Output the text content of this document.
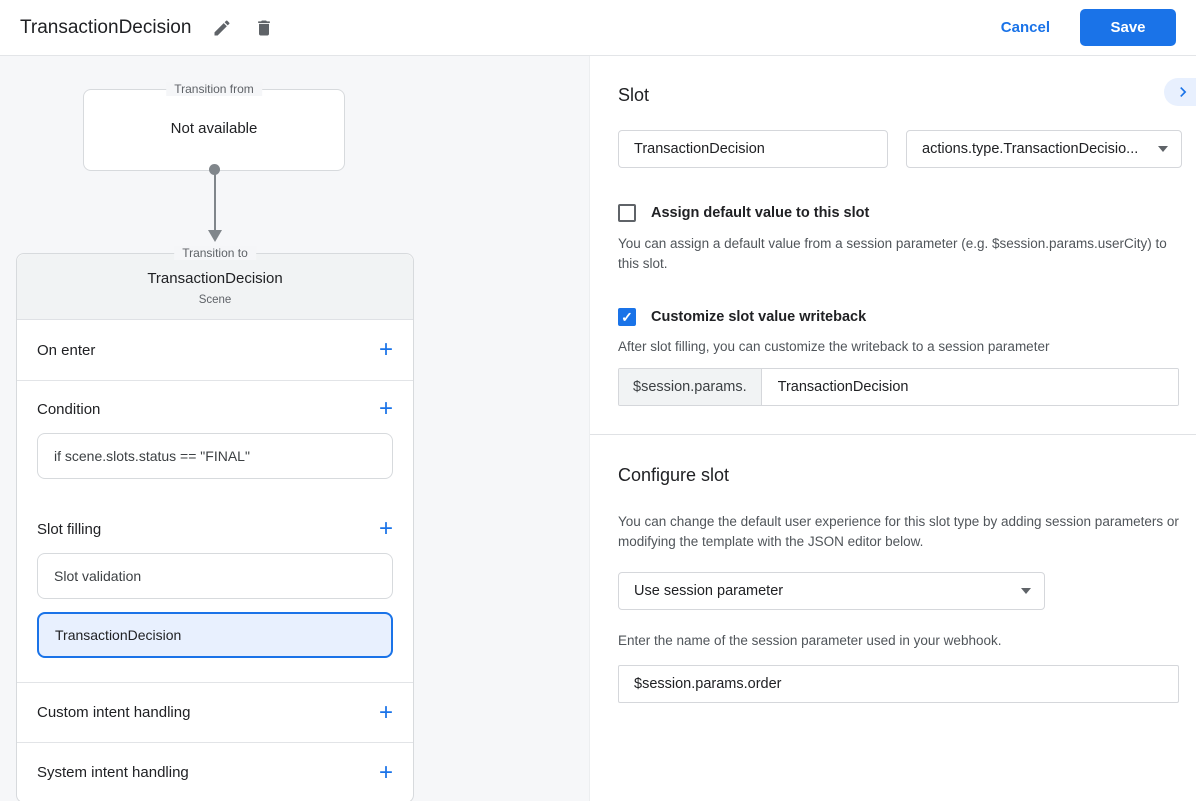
TransactionDecision	Cancel	Save
Transition from
Not available
Transition to
TransactionDecision
Scene
On enter	+
Condition	+
if scene.slots.status == "FINAL"
Slot filling	+
Slot validation
TransactionDecision
Custom intent handling	+
System intent handling	+
Slot
TransactionDecision
actions.type.TransactionDecisio...
Assign default value to this slot

You can assign a default value from a session parameter (e.g. $session.params.userCity) to this slot.

✓ Customize slot value writeback

After slot filling, you can customize the writeback to a session parameter

$session.params.
TransactionDecision
Configure slot

You can change the default user experience for this slot type by adding session parameters or modifying the template with the JSON editor below.

Use session parameter

Enter the name of the session parameter used in your webhook.

$session.params.order
